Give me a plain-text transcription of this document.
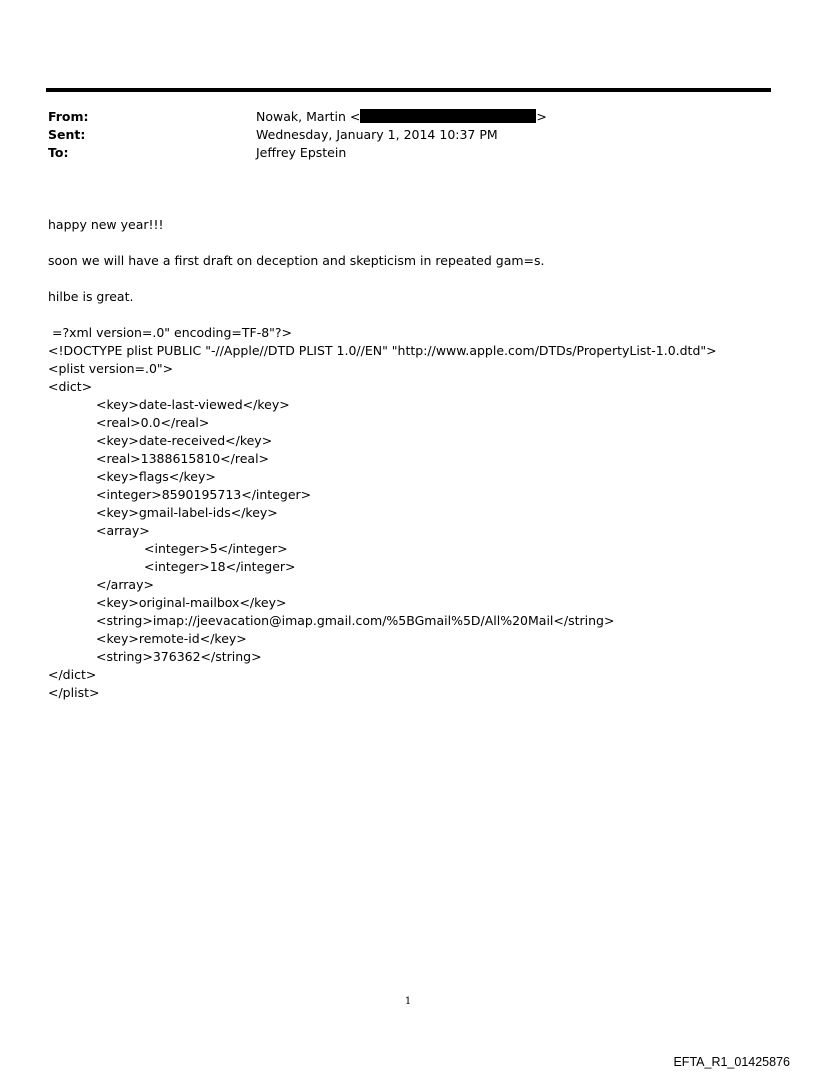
From:	Nowak, Martin <	>
Sent:	Wednesday, January 1, 2014 10:37 PM
To:	Jeffrey Epstein

happy new year!!!

soon we will have a first draft on deception and skepticism in repeated gam=s.

hilbe is great.

=?xml version=.0" encoding=TF-8"?>
<!DOCTYPE plist PUBLIC "-//Apple//DTD PLIST 1.0//EN" "http://www.apple.com/DTDs/PropertyList-1.0.dtd">
<plist version=.0">
<dict>
<key>date-last-viewed</key>
<real>0.0</real>
<key>date-received</key>
<real>1388615810</real>
<key>flags</key>
<integer>8590195713</integer>
<key>gmail-label-ids</key>
<array>
<integer>5</integer>
<integer>18</integer>
</array>
<key>original-mailbox</key>
<string>imap://jeevacation@imap.gmail.com/%5BGmail%5D/All%20Mail</string>
<key>remote-id</key>
<string>376362</string>
</dict>
</plist>
1
EFTA_R1_01425876
